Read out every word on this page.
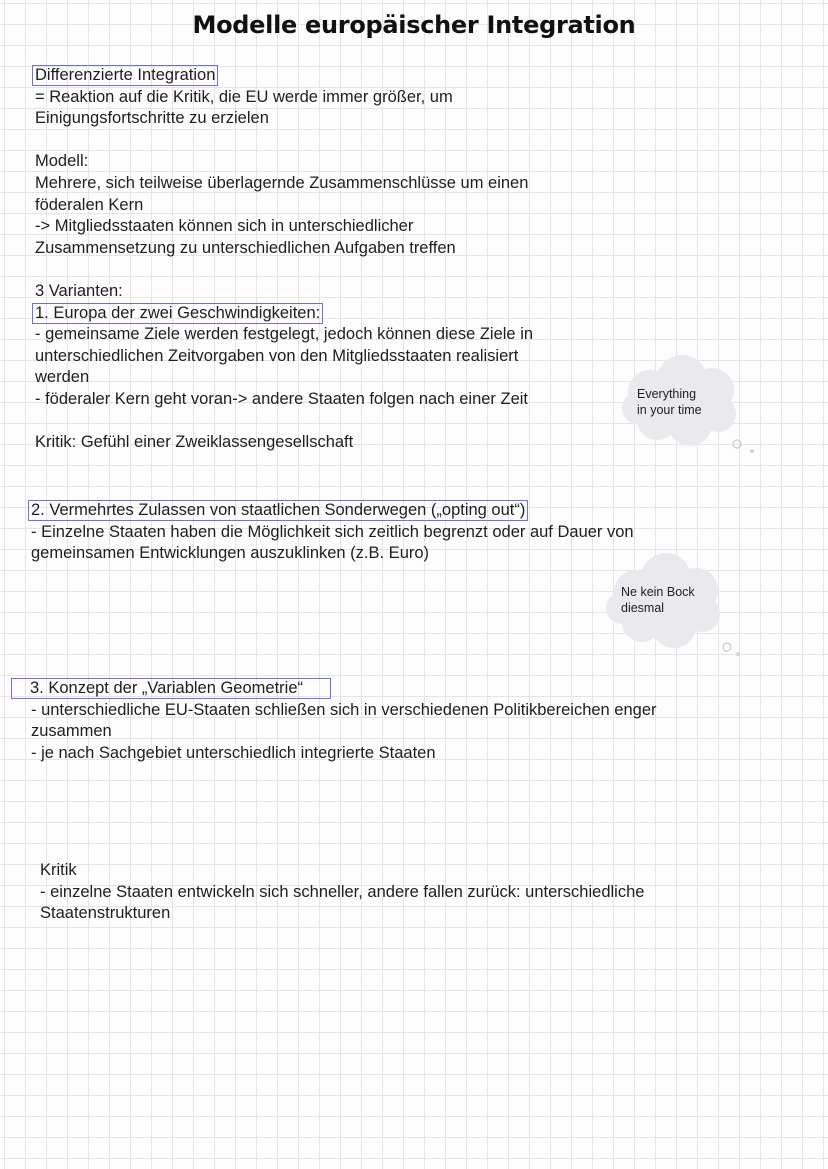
Modelle europäischer Integration
Differenzierte Integration
= Reaktion auf die Kritik, die EU werde immer größer, um
Einigungsfortschritte zu erzielen
Modell:
Mehrere, sich teilweise überlagernde Zusammenschlüsse um einen
föderalen Kern
-> Mitgliedsstaaten können sich in unterschiedlicher
Zusammensetzung zu unterschiedlichen Aufgaben treffen
3 Varianten:
1. Europa der zwei Geschwindigkeiten:
- gemeinsame Ziele werden festgelegt, jedoch können diese Ziele in
unterschiedlichen Zeitvorgaben von den Mitgliedsstaaten realisiert
werden
- föderaler Kern geht voran-> andere Staaten folgen nach einer Zeit
Kritik: Gefühl einer Zweiklassengesellschaft
Everything
in your time
2. Vermehrtes Zulassen von staatlichen Sonderwegen („opting out“)
- Einzelne Staaten haben die Möglichkeit sich zeitlich begrenzt oder auf Dauer von
gemeinsamen Entwicklungen auszuklinken (z.B. Euro)
Ne kein Bock
diesmal
3. Konzept der „Variablen Geometrie“
- unterschiedliche EU-Staaten schließen sich in verschiedenen Politikbereichen enger
zusammen
- je nach Sachgebiet unterschiedlich integrierte Staaten
Kritik
- einzelne Staaten entwickeln sich schneller, andere fallen zurück: unterschiedliche
Staatenstrukturen
